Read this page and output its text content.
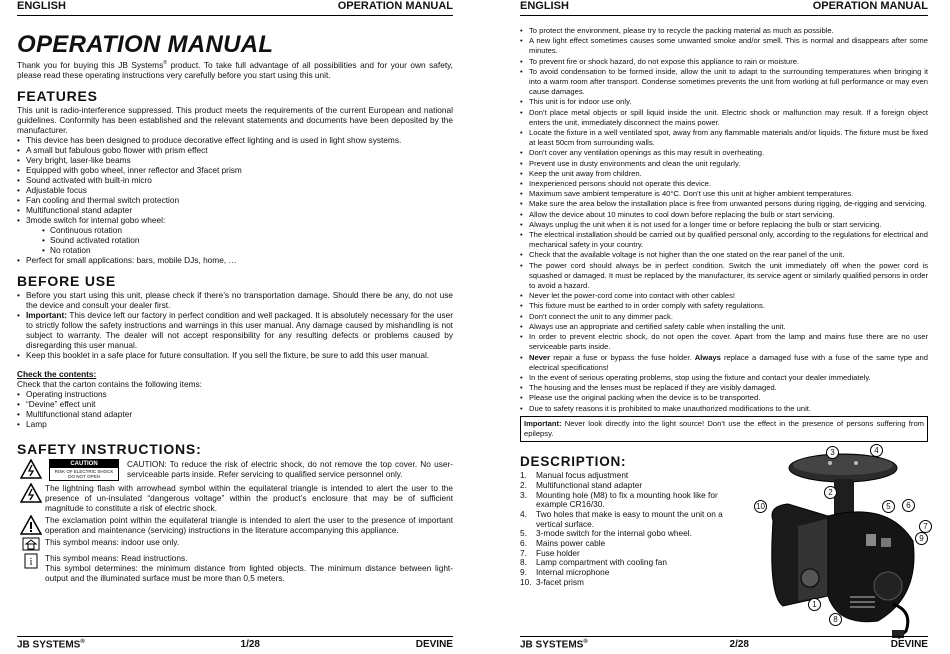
ENGLISH	OPERATION MANUAL
OPERATION MANUAL

Thank you for buying this JB Systems® product. To take full advantage of all possibilities and for your own safety, please read these operating instructions very carefully before you start using this unit.

FEATURES

This unit is radio-interference suppressed. This product meets the requirements of the current European and national guidelines. Conformity has been established and the relevant statements and documents have been deposited by the manufacturer.

• This device has been designed to produce decorative effect lighting and is used in light show systems.
• A small but fabulous gobo flower with prism effect
• Very bright, laser-like beams
• Equipped with gobo wheel, inner reflector and 3facet prism
• Sound activated with built-in micro
• Adjustable focus
• Fan cooling and thermal switch protection
• Multifunctional stand adapter
• 3mode switch for internal gobo wheel:
• Continuous rotation
• Sound activated rotation
• No rotation
• Perfect for small applications: bars, mobile DJs, home, …
BEFORE USE
• Before you start using this unit, please check if there’s no transportation damage. Should there be any, do not use the device and consult your dealer first.
• Important: This device left our factory in perfect condition and well packaged. It is absolutely necessary for the user to strictly follow the safety instructions and warnings in this user manual. Any damage caused by mishandling is not subject to warranty. The dealer will not accept responsibility for any resulting defects or problems caused by disregarding this user manual.
• Keep this booklet in a safe place for future consultation. If you sell the fixture, be sure to add this user manual.
Check the contents:

Check that the carton contains the following items:

• Operating instructions
• “Devine” effect unit
• Multifunctional stand adapter
• Lamp
SAFETY INSTRUCTIONS:
CAUTION
RISK OF ELECTRIC SHOCK DO NOT OPEN
CAUTION: To reduce the risk of electric shock, do not remove the top cover. No user-serviceable parts inside. Refer servicing to qualified service personnel only.
The lightning flash with arrowhead symbol within the equilateral triangle is intended to alert the user to the presence of un-insulated “dangerous voltage” within the product’s enclosure that may be of sufficient magnitude to constitute a risk of electric shock.
The exclamation point within the equilateral triangle is intended to alert the user to the presence of important operation and maintenance (servicing) instructions in the literature accompanying this appliance.
This symbol means: indoor use only.
i This symbol means: Read instructions.
This symbol determines: the minimum distance from lighted objects. The minimum distance between light-output and the illuminated surface must be more than 0,5 meters.
JB SYSTEMS®	1/28	DEVINE
ENGLISH	OPERATION MANUAL
• To protect the environment, please try to recycle the packing material as much as possible.
• A new light effect sometimes causes some unwanted smoke and/or smell. This is normal and disappears after some minutes.
• To prevent fire or shock hazard, do not expose this appliance to rain or moisture.
• To avoid condensation to be formed inside, allow the unit to adapt to the surrounding temperatures when bringing it into a warm room after transport. Condense sometimes prevents the unit from working at full performance or may even cause damages.
• This unit is for indoor use only.
• Don’t place metal objects or spill liquid inside the unit. Electric shock or malfunction may result. If a foreign object enters the unit, immediately disconnect the mains power.
• Locate the fixture in a well ventilated spot, away from any flammable materials and/or liquids. The fixture must be fixed at least 50cm from surrounding walls.
• Don’t cover any ventilation openings as this may result in overheating.
• Prevent use in dusty environments and clean the unit regularly.
• Keep the unit away from children.
• Inexperienced persons should not operate this device.
• Maximum save ambient temperature is 40°C. Don’t use this unit at higher ambient temperatures.
• Make sure the area below the installation place is free from unwanted persons during rigging, de-rigging and servicing.
• Allow the device about 10 minutes to cool down before replacing the bulb or start servicing.
• Always unplug the unit when it is not used for a longer time or before replacing the bulb or start servicing.
• The electrical installation should be carried out by qualified personal only, according to the regulations for electrical and mechanical safety in your country.
• Check that the available voltage is not higher than the one stated on the rear panel of the unit.
• The power cord should always be in perfect condition. Switch the unit immediately off when the power cord is squashed or damaged. It must be replaced by the manufacturer, its service agent or similarly qualified persons in order to avoid a hazard.
• Never let the power-cord come into contact with other cables!
• This fixture must be earthed to in order comply with safety regulations.
• Don’t connect the unit to any dimmer pack.
• Always use an appropriate and certified safety cable when installing the unit.
• In order to prevent electric shock, do not open the cover. Apart from the lamp and mains fuse there are no user serviceable parts inside.
• Never repair a fuse or bypass the fuse holder. Always replace a damaged fuse with a fuse of the same type and electrical specifications!
• In the event of serious operating problems, stop using the fixture and contact your dealer immediately.
• The housing and the lenses must be replaced if they are visibly damaged.
• Please use the original packing when the device is to be transported.
• Due to safety reasons it is prohibited to make unauthorized modifications to the unit.
Important: Never look directly into the light source! Don’t use the effect in the presence of persons suffering from epilepsy.
DESCRIPTION:
1.	Manual focus adjustment
2.	Multifunctional stand adapter
3.	Mounting hole (M8) to fix a mounting hook like for example CR16/30.
4.	Two holes that make is easy to mount the unit on a vertical surface.
5.	3-mode switch for the internal gobo wheel.
6.	Mains power cable
7.	Fuse holder
8.	Lamp compartment with cooling fan
9.	Internal microphone
10. 3-facet prism
3	4
2
5	6
10
7
9
1
8
JB SYSTEMS®	2/28	DEVINE
